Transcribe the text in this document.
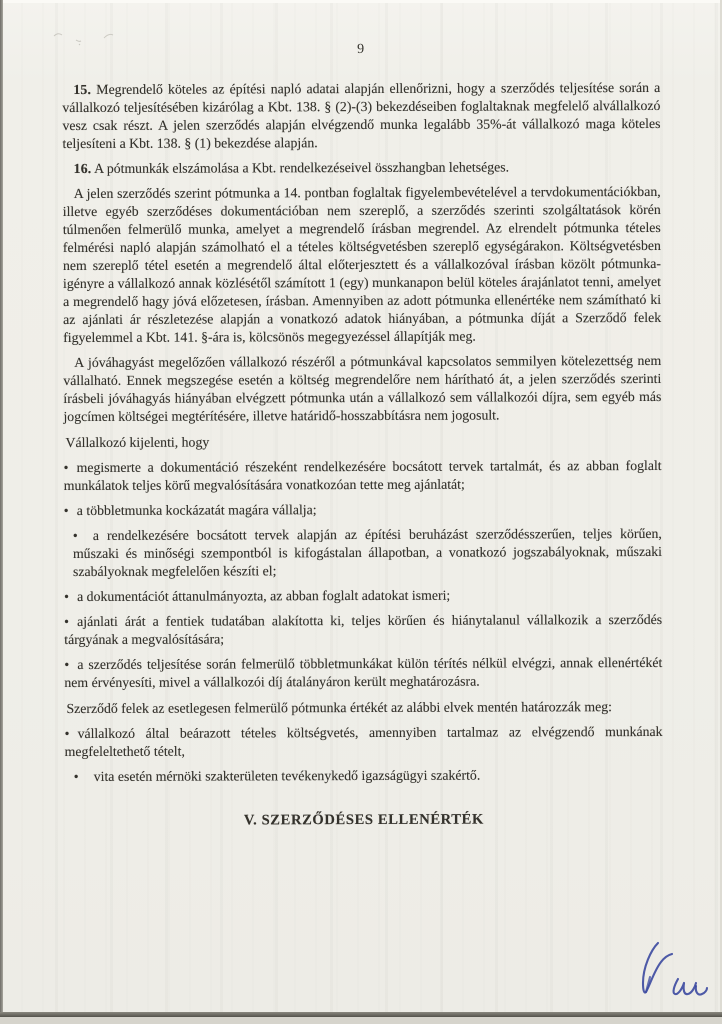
9
15. Megrendelő köteles az építési napló adatai alapján ellenőrizni, hogy a szerződés teljesítése során a vállalkozó teljesítésében kizárólag a Kbt. 138. § (2)-(3) bekezdéseiben foglaltaknak megfelelő alvállalkozó vesz csak részt. A jelen szerződés alapján elvégzendő munka legalább 35%-át vállalkozó maga köteles teljesíteni a Kbt. 138. § (1) bekezdése alapján.
16. A pótmunkák elszámolása a Kbt. rendelkezéseivel összhangban lehetséges.
A jelen szerződés szerint pótmunka a 14. pontban foglaltak figyelembevételével a tervdokumentációkban, illetve egyéb szerződéses dokumentációban nem szereplő, a szerződés szerinti szolgáltatások körén túlmenően felmerülő munka, amelyet a megrendelő írásban megrendel. Az elrendelt pótmunka tételes felmérési napló alapján számolható el a tételes költségvetésben szereplő egységárakon. Költségvetésben nem szereplő tétel esetén a megrendelő által előterjesztett és a vállalkozóval írásban közölt pótmunka-igényre a vállalkozó annak közlésétől számított 1 (egy) munkanapon belül köteles árajánlatot tenni, amelyet a megrendelő hagy jóvá előzetesen, írásban. Amennyiben az adott pótmunka ellenértéke nem számítható ki az ajánlati ár részletezése alapján a vonatkozó adatok hiányában, a pótmunka díját a Szerződő felek figyelemmel a Kbt. 141. §-ára is, kölcsönös megegyezéssel állapítják meg.
A jóváhagyást megelőzően vállalkozó részéről a pótmunkával kapcsolatos semmilyen kötelezettség nem vállalható. Ennek megszegése esetén a költség megrendelőre nem hárítható át, a jelen szerződés szerinti írásbeli jóváhagyás hiányában elvégzett pótmunka után a vállalkozó sem vállalkozói díjra, sem egyéb más jogcímen költségei megtérítésére, illetve határidő-hosszabbításra nem jogosult.
Vállalkozó kijelenti, hogy
• megismerte a dokumentáció részeként rendelkezésére bocsátott tervek tartalmát, és az abban foglalt munkálatok teljes körű megvalósítására vonatkozóan tette meg ajánlatát;
• a többletmunka kockázatát magára vállalja;
• a rendelkezésére bocsátott tervek alapján az építési beruházást szerződésszerűen, teljes körűen, műszaki és minőségi szempontból is kifogástalan állapotban, a vonatkozó jogszabályoknak, műszaki szabályoknak megfelelően készíti el;
• a dokumentációt áttanulmányozta, az abban foglalt adatokat ismeri;
• ajánlati árát a fentiek tudatában alakította ki, teljes körűen és hiánytalanul vállalkozik a szerződés tárgyának a megvalósítására;
• a szerződés teljesítése során felmerülő többletmunkákat külön térítés nélkül elvégzi, annak ellenértékét nem érvényesíti, mivel a vállalkozói díj átalányáron került meghatározásra.
Szerződő felek az esetlegesen felmerülő pótmunka értékét az alábbi elvek mentén határozzák meg:
• vállalkozó által beárazott tételes költségvetés, amennyiben tartalmaz az elvégzendő munkának megfeleltethető tételt,
• vita esetén mérnöki szakterületen tevékenykedő igazságügyi szakértő.
V. SZERZŐDÉSES ELLENÉRTÉK
